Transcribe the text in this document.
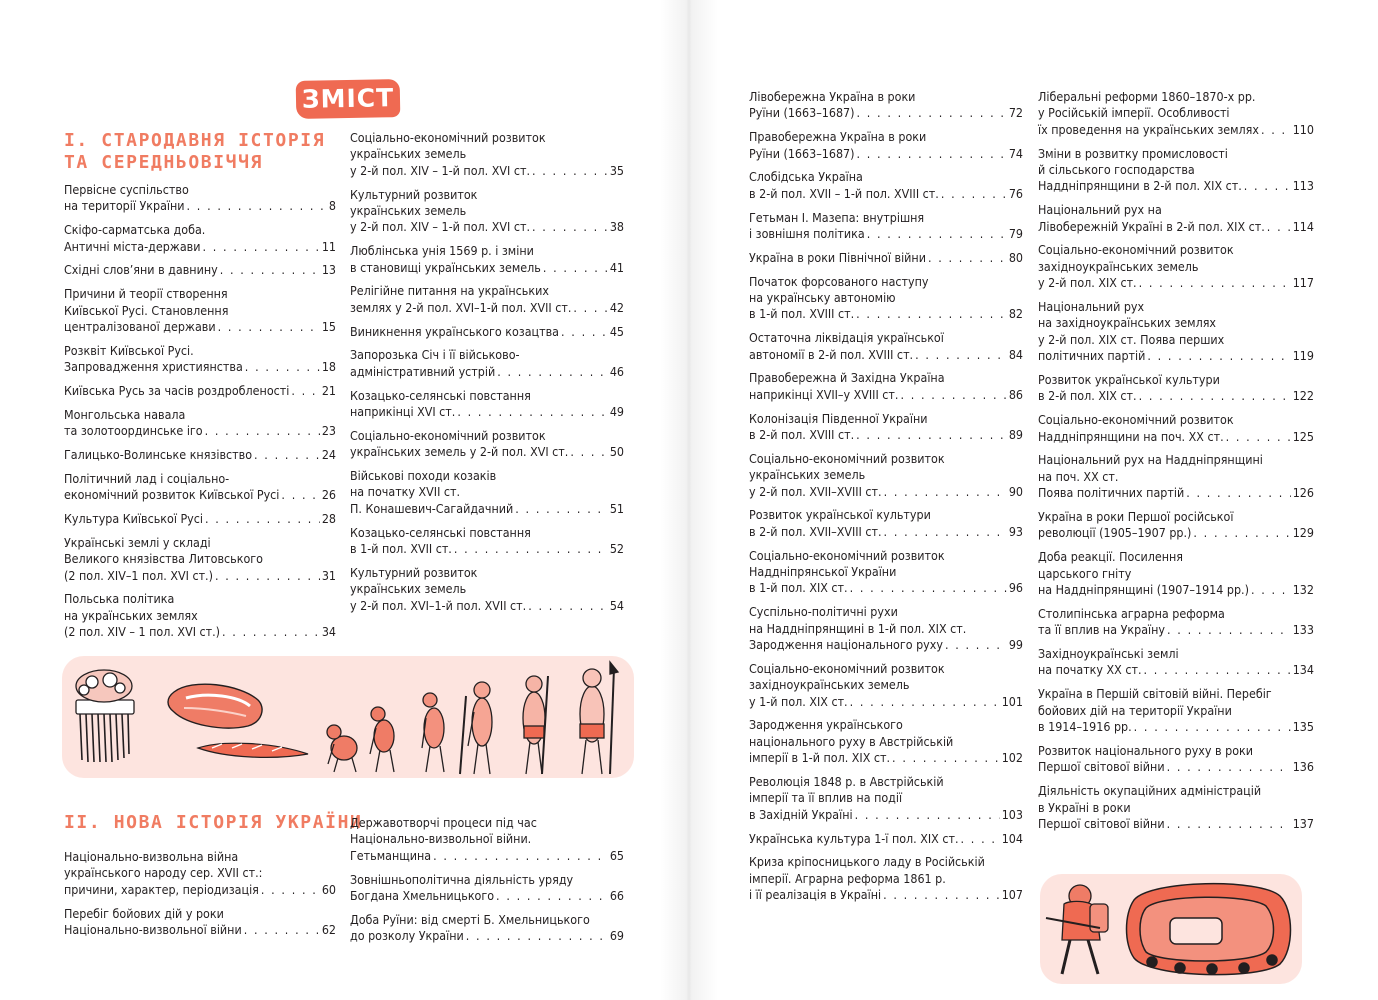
ЗМІСТ
І. СТАРОДАВНЯ ІСТОРІЯ
ТА СЕРЕДНЬОВІЧЧЯ
Первісне суспільство
на території України . . .	8
Скіфо-сарматська доба.
Античні міста-держави . . .	11
Східні слов’яни в давнину . . .	13
Причини й теорії створення
Київської Русі. Становлення
централізованої держави . . .	15
Розквіт Київської Русі.
Запровадження християнства . . .	18
Київська Русь за часів роздробленості . . .	21
Монгольська навала
та золотоординське іго . . .	23
Галицько-Волинське князівство . . .	24
Політичний лад і соціально-
економічний розвиток Київської Русі . . .	26
Культура Київської Русі . . .	28
Українські землі у складі
Великого князівства Литовського
(2 пол. XIV–1 пол. XVI ст.) . . .	31
Польська політика
на українських землях
(2 пол. XIV – 1 пол. XVI ст.) . . .	34
Соціально-економічний розвиток
українських земель
у 2-й пол. XIV – 1-й пол. XVI ст. . . .	35
Культурний розвиток
українських земель
у 2-й пол. XIV – 1-й пол. XVI ст. . . .	38
Люблінська унія 1569 р. і зміни
в становищі українських земель . . .	41
Релігійне питання на українських
землях у 2-й пол. XVI–1-й пол. XVII ст. . . .	42
Виникнення українського козацтва . . .	45
Запорозька Січ і її військово-
адміністративний устрій . . .	46
Козацько-селянські повстання
наприкінці XVI ст. . . .	49
Соціально-економічний розвиток
українських земель у 2-й пол. XVI ст. . . .	50
Військові походи козаків
на початку XVII ст.
П. Конашевич-Сагайдачний . . .	51
Козацько-селянські повстання
в 1-й пол. XVII ст. . . .	52
Культурний розвиток
українських земель
у 2-й пол. XVI–1-й пол. XVII ст. . . .	54
ІІ. НОВА ІСТОРІЯ УКРАЇНИ
Національно-визвольна війна
українського народу сер. XVII ст.:
причини, характер, періодизація . . .	60
Перебіг бойових дій у роки
Національно-визвольної війни . . .	62
Державотворчі процеси під час
Національно-визвольної війни.
Гетьманщина . . .	65
Зовнішньополітична діяльність уряду
Богдана Хмельницького . . .	66
Доба Руїни: від смерті Б. Хмельницького
до розколу України . . .	69
Лівобережна Україна в роки
Руїни (1663–1687) . . .	72
Правобережна Україна в роки
Руїни (1663–1687) . . .	74
Слобідська Україна
в 2-й пол. XVII – 1-й пол. XVIII ст. . . .	76
Гетьман І. Мазепа: внутрішня
і зовнішня політика . . .	79
Україна в роки Північної війни . . .	80
Початок форсованого наступу
на українську автономію
в 1-й пол. XVIII ст. . . .	82
Остаточна ліквідація української
автономії в 2-й пол. XVIII ст. . . .	84
Правобережна й Західна Україна
наприкінці XVII–у XVIII ст. . . .	86
Колонізація Південної України
в 2-й пол. XVIII ст. . . .	89
Соціально-економічний розвиток
українських земель
у 2-й пол. XVII–XVIII ст. . . .	90
Розвиток української культури
в 2-й пол. XVII–XVIII ст. . . .	93
Соціально-економічний розвиток
Наддніпрянської України
в 1-й пол. XIX ст. . . .	96
Суспільно-політичні рухи
на Наддніпрянщині в 1-й пол. XIX ст.
Зародження національного руху . . .	99
Соціально-економічний розвиток
західноукраїнських земель
у 1-й пол. XIX ст. . . .	101
Зародження українського
національного руху в Австрійській
імперії в 1-й пол. XIX ст. . . .	102
Революція 1848 р. в Австрійській
імперії та її вплив на події
в Західній Україні . . .	103
Українська культура 1-ї пол. XIX ст. . . .	104
Криза кріпосницького ладу в Російській
імперії. Аграрна реформа 1861 р.
і її реалізація в Україні . . .	107
Ліберальні реформи 1860–1870-х рр.
у Російській імперії. Особливості
їх проведення на українських землях . . .	110
Зміни в розвитку промисловості
й сільського господарства
Наддніпрянщини в 2-й пол. XIX ст. . . .	113
Національний рух на
Лівобережній Україні в 2-й пол. XIX ст. . . . 114
Соціально-економічний розвиток
західноукраїнських земель
у 2-й пол. XIX ст. . . .	117
Національний рух
на західноукраїнських землях
у 2-й пол. XIX ст. Поява перших
політичних партій . . .	119
Розвиток української культури
в 2-й пол. XIX ст. . . .	122
Соціально-економічний розвиток
Наддніпрянщини на поч. XX ст. . . .	125
Національний рух на Наддніпрянщині
на поч. XX ст.
Поява політичних партій . . .	126
Україна в роки Першої російської
революції (1905–1907 рр.) . . .	129
Доба реакції. Посилення
царського гніту
на Наддніпрянщині (1907–1914 рр.) . . .	132
Столипінська аграрна реформа
та її вплив на Україну . . .	133
Західноукраїнські землі
на початку XX ст. . . .	134
Україна в Першій світовій війні. Перебіг
бойових дій на території України
в 1914–1916 рр. . . .	135
Розвиток національного руху в роки
Першої світової війни . . .	136
Діяльність окупаційних адміністрацій
в Україні в роки
Першої світової війни . . .	137
